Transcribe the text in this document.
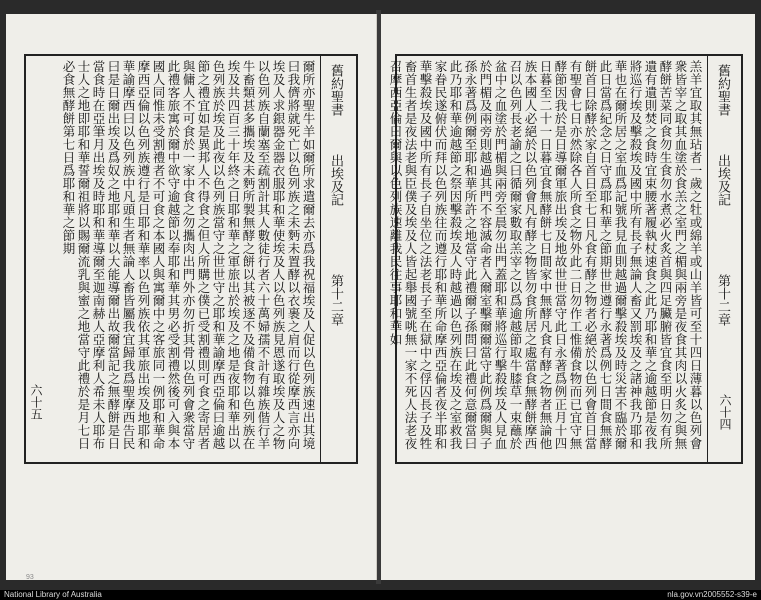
爾所亦聖牛羊如爾所求遣爾去亦爲我祝福埃及人促以色列族速出其境曰我儕將就死亡以色列族之未麪未置酵以衣裹之肩而行從摩西言亦向埃及人求銀器金器衣服耶和華使埃及人以色列族見恩遂取埃及人之物以色列族自蘭塞至疏割計其人數徒行者六十萬婦孺不計有雜族偕行羊牛畜類甚多攜埃及未麪所製無酵之餅以其被逐不及備食物以色列族在埃及共四百三十年終之日耶和華之軍旅出於埃及之地是夜耶和華出以色列族於埃及此夜以色列族當守之世世守之耶和華諭摩西亞倫曰逾越節之禮宜如是異邦人不得食之但人所購之僕已受割禮則可食之寄居者與傭人不可食於一家中食之勿攜肉出門外亦勿折其骨以色列會衆當守此禮客旅寓於爾中欲守逾越節以奉耶和華其男必受割禮然後可入與本國人同惟未受割禮者不可食之本國人與寓爾中之客旅同一例耶和華命摩西亞倫以色列族遵行是日耶和華率以色列族依其軍旅出埃及地耶和華諭摩西曰以色列族中凡頭生者無論人畜皆屬我宜歸我爲聖摩西告民曰是日爾出埃及爲奴之地耶和華以大能導爾出故爾當記之無酵餅是日當食時在亞筆月出埃及時耶和華導爾至迦南赫人亞摩利人希未人耶布士人之地即耶和華誓爾祖將以賜爾流乳與蜜之地當守此禮於是月七日必食無酵餅第七日爲耶和華之節期	舊約聖書
出埃及記
第十二章
六十五
93
羔羊宜取其無玷者一歲之牡或綿羊或山羊皆可至十四日薄暮以色列會衆皆宰之取其血塗於食羔之室門之楣與兩旁是夜食其肉以火炙之與無酵餅苦菜同食勿生食勿水煮必火炙首與四足臟腑皆宜食至明日勿有所遺有遺則焚之食時宜束腰著履執杖速食之此乃耶和華之逾越節是夜我將巡行埃及擊殺埃及國中所有長子無論人畜又罰埃及之諸神我乃耶和華也在爾所居之室血爲記號我見血則越過爾擊殺埃及時災害不臨於爾此日當爲紀念之日守爲耶和華之節期世世遵行永著爲例七日間食無酵餅首日除酵於家自首日至七日凡食有酵之物者必絕於以色列會首日當有聖會七日亦然除各人所食之物外此二日勿作工惟備食物而已宜守無酵節因我於是日導爾軍旅出埃及地故世世當守此日永著爲例正月十四日暮至二十一日暮宜食無酵餅七日間家中無酵凡食有酵之物者無論他族本國人必絕於以色列會凡有酵之物皆勿食所居之處當食無酵餅摩西召以色列長老諭之曰循爾家數取羔宰之以爲逾越節取牛膝草一束蘸於盆中之血塗於門楣與兩旁至晨勿出門蓋耶和華將巡行擊殺埃及人見血於門楣及兩旁則越過其門不容滅命者入爾室擊爾爾當守此例爲爾與子孫永著爲例爾至耶和華所許之地當守此禮爾子孫問曰此禮何意爾當曰此乃耶和華逾越節之祭因擊殺埃及人時越過以色列族在埃及之室救我家眷民遂俯伏而拜以色列族往而遵行耶和華所命摩西亞倫者夜半耶和華擊殺埃及國中所有長子自坐位之法老長子至在獄中之俘囚長子及牲畜首生者是夜法老與臣僕及埃及人皆起舉國號咷無一家不死人法老夜召摩西亞倫曰爾與以色列族速離我民往事耶和華如	舊約聖書
出埃及記
第十二章
六十四
National Library of Australia	nla.gov.vn2005552-s39-e
